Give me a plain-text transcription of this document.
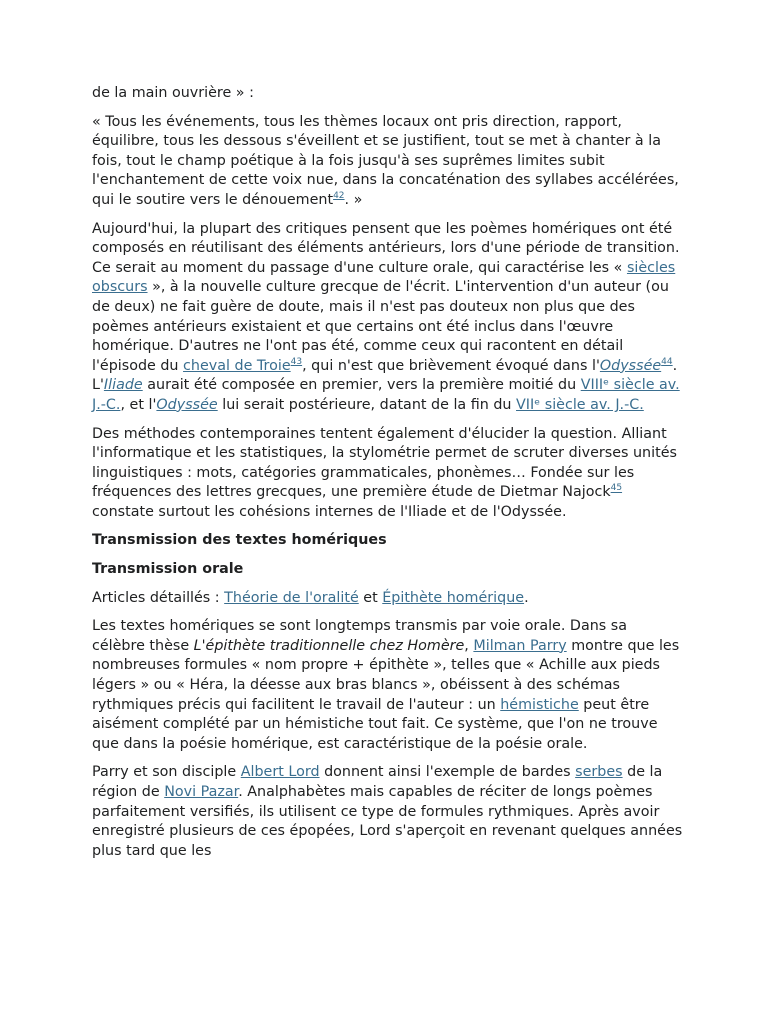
de la main ouvrière » :

« Tous les événements, tous les thèmes locaux ont pris direction, rapport, équilibre, tous les dessous s'éveillent et se justifient, tout se met à chanter à la fois, tout le champ poétique à la fois jusqu'à ses suprêmes limites subit l'enchantement de cette voix nue, dans la concaténation des syllabes accélérées, qui le soutire vers le dénouement$^{42}$. »

Aujourd'hui, la plupart des critiques pensent que les poèmes homériques ont été composés en réutilisant des éléments antérieurs, lors d'une période de transition. Ce serait au moment du passage d'une culture orale, qui caractérise les « siècles obscurs », à la nouvelle culture grecque de l'écrit. L'intervention d'un auteur (ou de deux) ne fait guère de doute, mais il n'est pas douteux non plus que des poèmes antérieurs existaient et que certains ont été inclus dans l'œuvre homérique. D'autres ne l'ont pas été, comme ceux qui racontent en détail l'épisode du cheval de Troie$^{43}$, qui n'est que brièvement évoqué dans l'Odyssée$^{44}$. L'Iliade aurait été composée en premier, vers la première moitié du VIIIᵉ siècle av. J.-C., et l'Odyssée lui serait postérieure, datant de la fin du VIIᵉ siècle av. J.-C.

Des méthodes contemporaines tentent également d'élucider la question. Alliant l'informatique et les statistiques, la stylométrie permet de scruter diverses unités linguistiques : mots, catégories grammaticales, phonèmes… Fondée sur les fréquences des lettres grecques, une première étude de Dietmar Najock$^{45}$ constate surtout les cohésions internes de l'Iliade et de l'Odyssée.

Transmission des textes homériques
Transmission orale

Articles détaillés : Théorie de l'oralité et Épithète homérique.

Les textes homériques se sont longtemps transmis par voie orale. Dans sa célèbre thèse L'épithète traditionnelle chez Homère, Milman Parry montre que les nombreuses formules « nom propre + épithète », telles que « Achille aux pieds légers » ou « Héra, la déesse aux bras blancs », obéissent à des schémas rythmiques précis qui facilitent le travail de l'auteur : un hémistiche peut être aisément complété par un hémistiche tout fait. Ce système, que l'on ne trouve que dans la poésie homérique, est caractéristique de la poésie orale.

Parry et son disciple Albert Lord donnent ainsi l'exemple de bardes serbes de la région de Novi Pazar. Analphabètes mais capables de réciter de longs poèmes parfaitement versifiés, ils utilisent ce type de formules rythmiques. Après avoir enregistré plusieurs de ces épopées, Lord s'aperçoit en revenant quelques années plus tard que les
